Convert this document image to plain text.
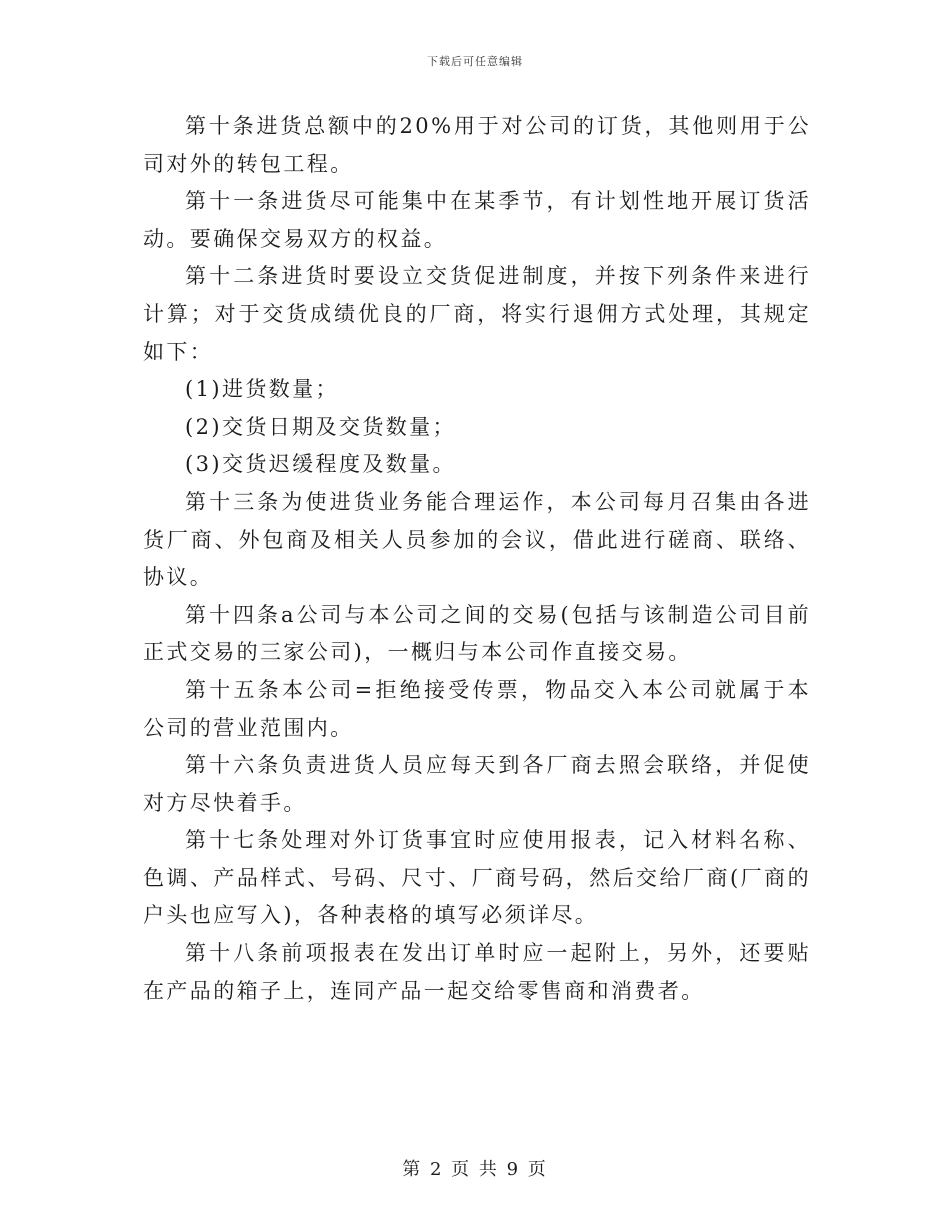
下载后可任意编辑

第十条进货总额中的20%用于对公司的订货，其他则用于公司对外的转包工程。

第十一条进货尽可能集中在某季节，有计划性地开展订货活动。要确保交易双方的权益。

第十二条进货时要设立交货促进制度，并按下列条件来进行计算；对于交货成绩优良的厂商，将实行退佣方式处理，其规定如下：

(1)进货数量；

(2)交货日期及交货数量；

(3)交货迟缓程度及数量。

第十三条为使进货业务能合理运作，本公司每月召集由各进货厂商、外包商及相关人员参加的会议，借此进行磋商、联络、协议。

第十四条a公司与本公司之间的交易(包括与该制造公司目前正式交易的三家公司)，一概归与本公司作直接交易。

第十五条本公司=拒绝接受传票，物品交入本公司就属于本公司的营业范围内。

第十六条负责进货人员应每天到各厂商去照会联络，并促使对方尽快着手。

第十七条处理对外订货事宜时应使用报表，记入材料名称、色调、产品样式、号码、尺寸、厂商号码，然后交给厂商(厂商的户头也应写入)，各种表格的填写必须详尽。

第十八条前项报表在发出订单时应一起附上，另外，还要贴在产品的箱子上，连同产品一起交给零售商和消费者。

第 2 页 共 9 页
